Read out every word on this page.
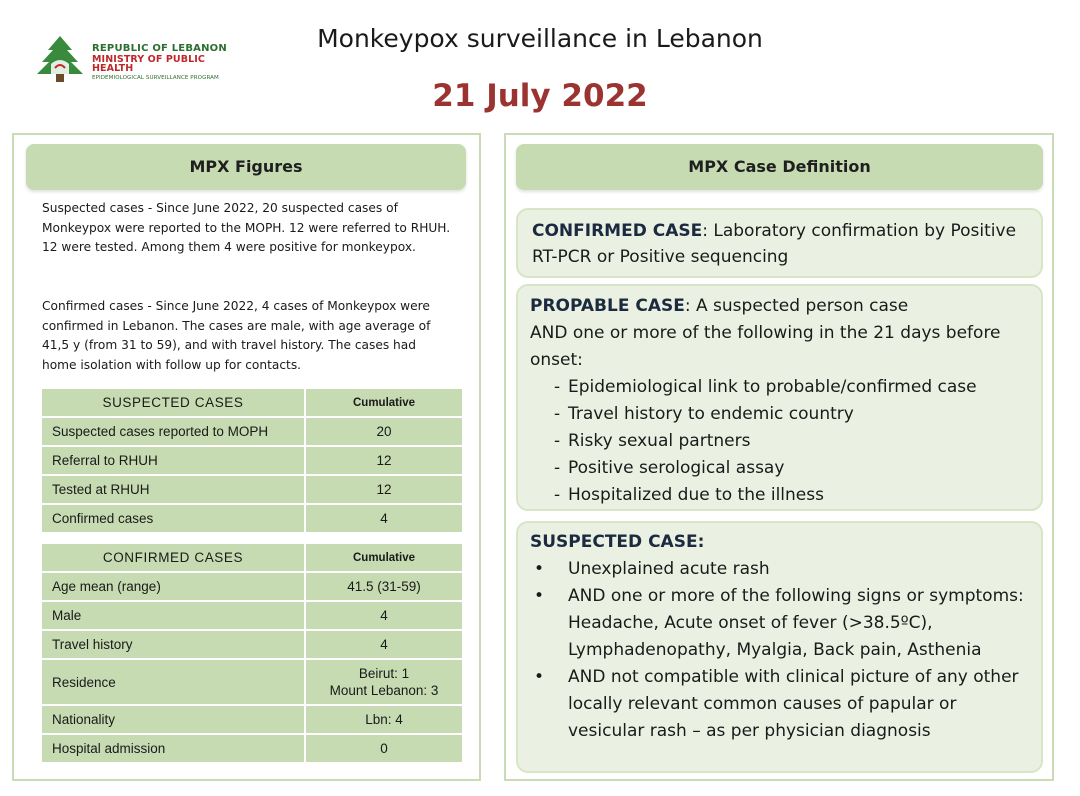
REPUBLIC OF LEBANON
MINISTRY OF PUBLIC HEALTH
EPIDEMIOLOGICAL SURVEILLANCE PROGRAM
Monkeypox surveillance in Lebanon
21 July 2022
MPX Figures
Suspected cases - Since June 2022, 20 suspected cases of Monkeypox were reported to the MOPH. 12 were referred to RHUH. 12 were tested. Among them 4 were positive for monkeypox.
Confirmed cases - Since June 2022, 4 cases of Monkeypox were confirmed in Lebanon. The cases are male, with age average of 41,5 y (from 31 to 59), and with travel history. The cases had home isolation with follow up for contacts.
SUSPECTED CASES	Cumulative
Suspected cases reported to MOPH	20
Referral to RHUH	12
Tested at RHUH	12
Confirmed cases	4
CONFIRMED CASES	Cumulative
Age mean (range)	41.5 (31-59)
Male	4
Travel history	4
Residence	Beirut: 1
Mount Lebanon: 3

Nationality	Lbn: 4
Hospital admission	0
MPX Case Definition
CONFIRMED CASE: Laboratory confirmation by Positive RT-PCR or Positive sequencing
PROPABLE CASE: A suspected person case
AND one or more of the following in the 21 days before onset:
- Epidemiological link to probable/confirmed case
- Travel history to endemic country
- Risky sexual partners
- Positive serological assay
- Hospitalized due to the illness
SUSPECTED CASE:
• Unexplained acute rash
• AND one or more of the following signs or symptoms: Headache, Acute onset of fever (>38.5ºC), Lymphadenopathy, Myalgia, Back pain, Asthenia
• AND not compatible with clinical picture of any other locally relevant common causes of papular or vesicular rash – as per physician diagnosis
